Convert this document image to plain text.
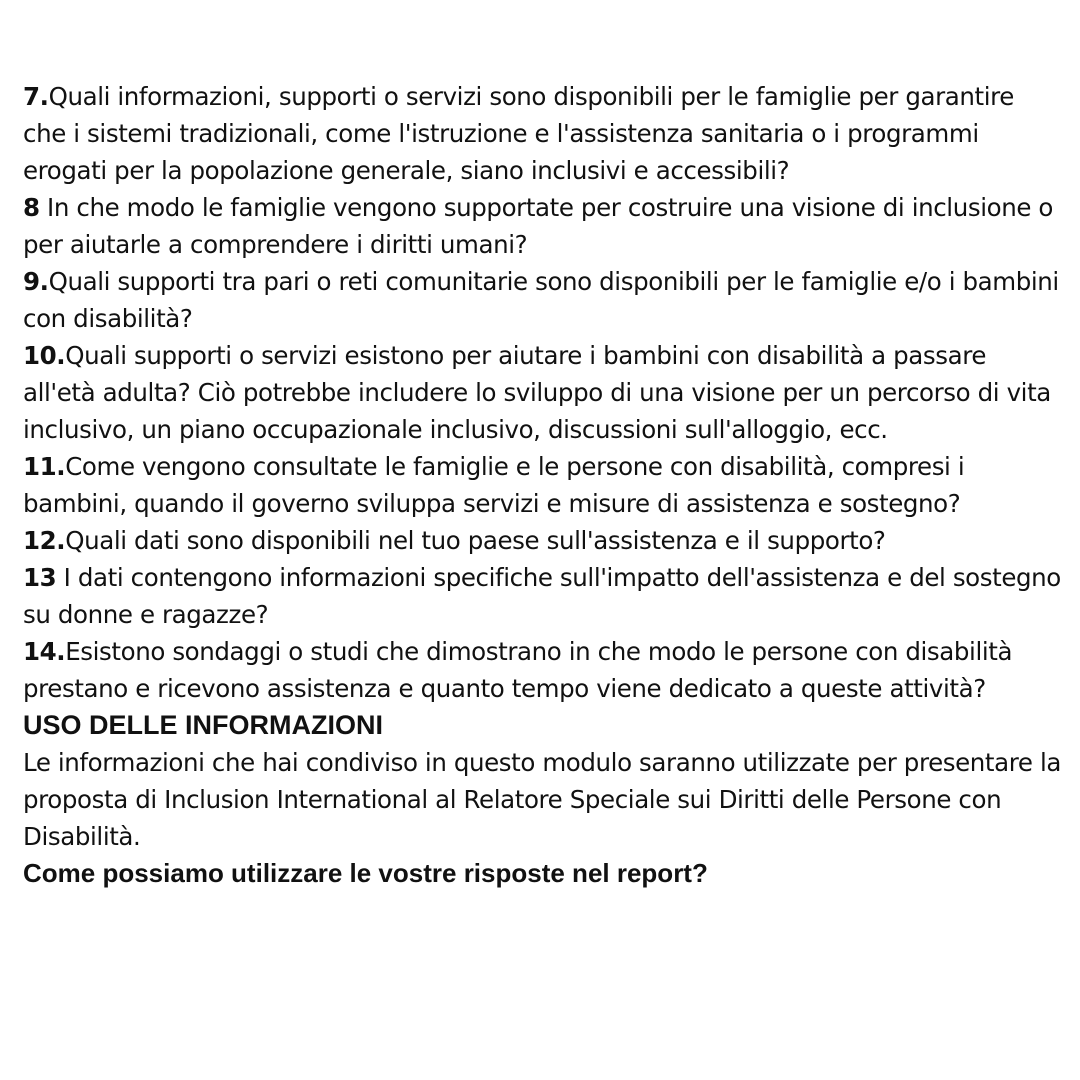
7.Quali informazioni, supporti o servizi sono disponibili per le famiglie per garantire che i sistemi tradizionali, come l'istruzione e l'assistenza sanitaria o i programmi erogati per la popolazione generale, siano inclusivi e accessibili?

8 In che modo le famiglie vengono supportate per costruire una visione di inclusione o per aiutarle a comprendere i diritti umani?

9.Quali supporti tra pari o reti comunitarie sono disponibili per le famiglie e/o i bambini con disabilità?

10.Quali supporti o servizi esistono per aiutare i bambini con disabilità a passare all'età adulta? Ciò potrebbe includere lo sviluppo di una visione per un percorso di vita inclusivo, un piano occupazionale inclusivo, discussioni sull'alloggio, ecc.

11.Come vengono consultate le famiglie e le persone con disabilità, compresi i bambini, quando il governo sviluppa servizi e misure di assistenza e sostegno?

12.Quali dati sono disponibili nel tuo paese sull'assistenza e il supporto?

13 I dati contengono informazioni specifiche sull'impatto dell'assistenza e del sostegno su donne e ragazze?

14.Esistono sondaggi o studi che dimostrano in che modo le persone con disabilità prestano e ricevono assistenza e quanto tempo viene dedicato a queste attività?

USO DELLE INFORMAZIONI

Le informazioni che hai condiviso in questo modulo saranno utilizzate per presentare la proposta di Inclusion International al Relatore Speciale sui Diritti delle Persone con Disabilità.

Come possiamo utilizzare le vostre risposte nel report?
